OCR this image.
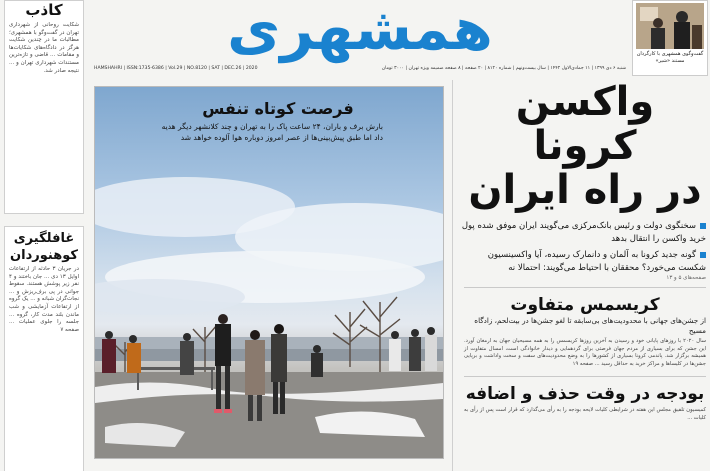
کاذب
شکایت روحانی از شهرداری تهران در گفت‌وگو با همشهری؛ مطالبات ما در چندین شکایت هرگز در دادگاه‌های شکایات‌ها و مقامات ... قاضی و تازه‌ترین مستندات شهرداری تهران و ... نتیجه صادر شد.
غافلگیری کوهنوردان
در جریان ۳ حادثه از ارتفاعات اوایل ۱۳ دی ... جان باختند و ۴ نفر زیر پوشش هستند. سقوط جوانی در پی برف‌ریزش و ... نجات‌گران شبانه و ... یک گروه از ارتفاعات آزمایشی و شب ماندن بلند مدت کار، گروه ... جلسه را جلوی عملیات ... صفحه ۷
همشهری
HAMSHAHRI | ISSN:1735-6386 | Vol.29 | NO.8120 | SAT | DEC.26 | 2020	شنبه ۶ دی ۱۳۹۹ | ۱۱ جمادی‌الاول ۱۴۴۲ | سال بیست‌ونهم | شماره ۸۱۲۰ | ۲۰ صفحه | ۸ صفحه ضمیمه ویژه تهران | ۳۰۰۰ تومان
گفت‌وگوی همشهری با کارگردان مستند «شیر»
فرصت کوتاه تنفس
بارش برف و باران، ۲۴ ساعت پاک را به تهران و چند کلانشهر دیگر هدیه داد اما طبق پیش‌بینی‌ها از عصر امروز دوباره هوا آلوده خواهد شد
واکسن کرونا
در راه ایران
سخنگوی دولت و رئیس بانک‌مرکزی می‌گویند ایران موفق شده پول خرید واکسن را انتقال بدهد
گونه جدید کرونا به آلمان و دانمارک رسیده، آیا واکسینسیون شکست می‌خورد؟ محققان با احتیاط می‌گویند: احتمالا نه
صفحه‌های ۵ و ۱۳
کریسمس متفاوت
از جشن‌های جهانی با محدودیت‌های بی‌سابقه تا لغو جشن‌ها در بیت‌لحم، زادگاه مسیح
سال ۲۰۲۰ با روزهای پایانی خود و رسیدن به آخرین روزها کریسمس را به همه مسیحیان جهان به ارمغان آورد. این جشن که برای بسیاری از مردم جهان فرصتی برای گردهمایی و دیدار خانوادگی است، امسال متفاوت از همیشه برگزار شد. پاندمی کرونا بسیاری از کشورها را به وضع محدودیت‌های سفت و سخت واداشت و برپایی جشن‌ها در کلیساها و مراکز خرید به حداقل رسید ... صفحه ۱۹
بودجه در وقت حذف و اضافه
کمیسیون تلفیق مجلس این هفته در شرایطی کلیات لایحه بودجه را به رأی می‌گذارد که قرار است پس از رأی به کلیات ...
